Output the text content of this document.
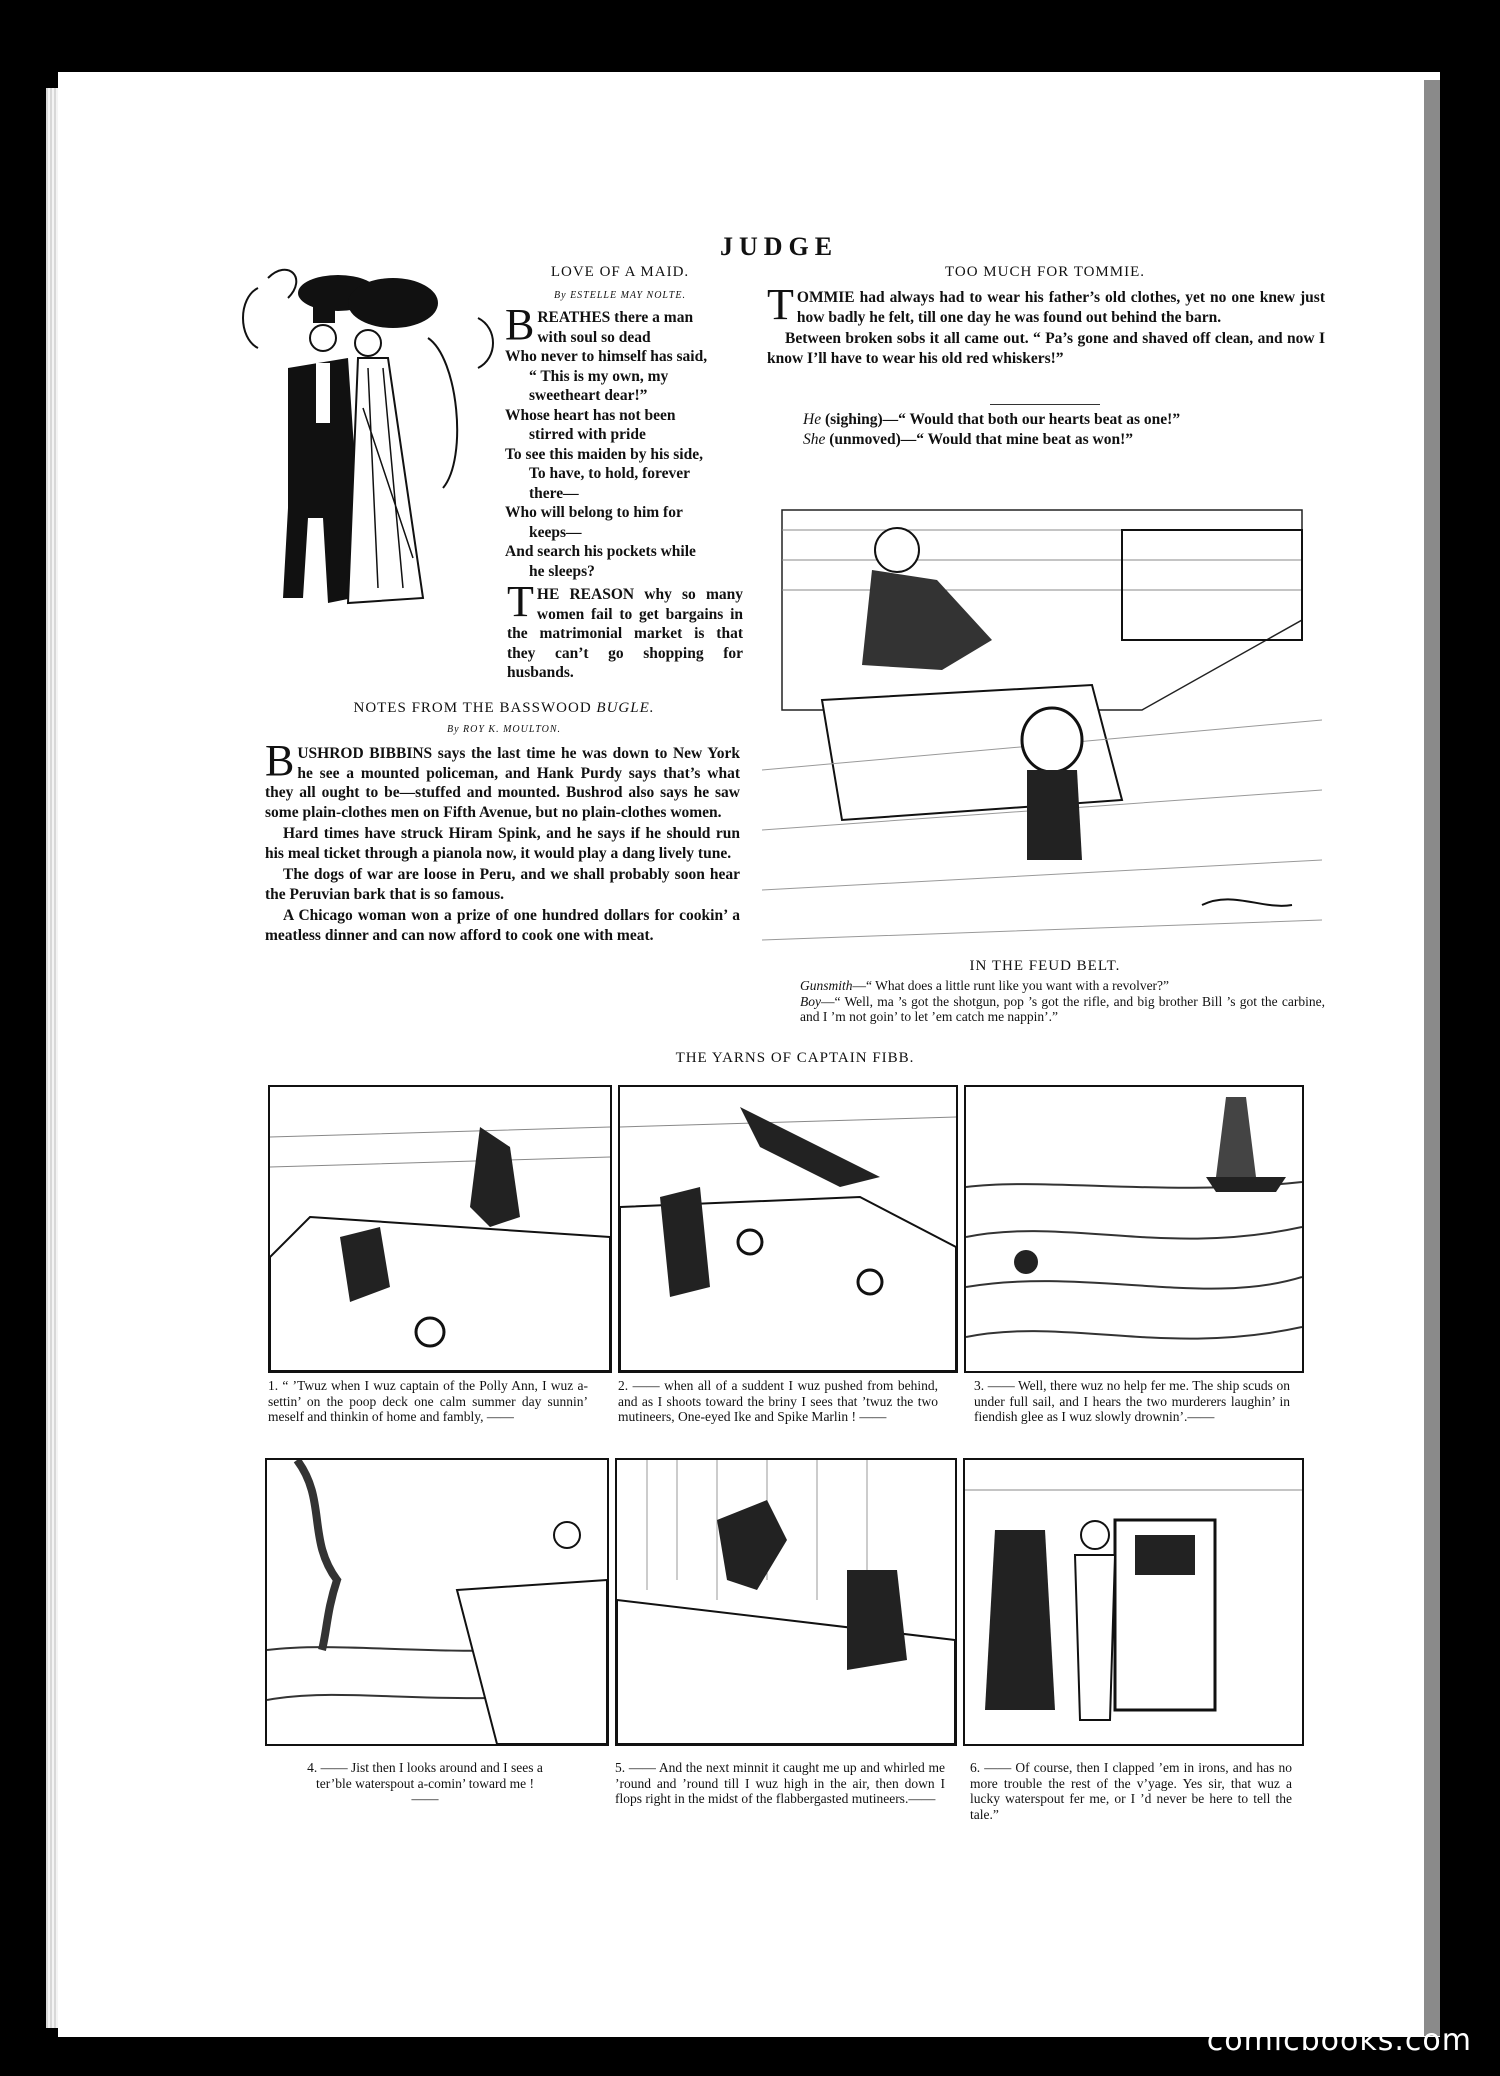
JUDGE
LOVE OF A MAID.
By ESTELLE MAY NOLTE.
B REATHES there a man
with soul so dead
Who never to himself has said,
“ This is my own, my
sweetheart dear!”
Whose heart has not been
stirred with pride
To see this maiden by his side,
To have, to hold, forever
there—
Who will belong to him for
keeps—
And search his pockets while
he sleeps?

THE REASON why so many women fail to get bargains in the matrimonial market is that they can’t go shopping for husbands.

NOTES FROM THE BASSWOOD BUGLE.
By ROY K. MOULTON.

BUSHROD BIBBINS says the last time he was down to New York he see a mounted policeman, and Hank Purdy says that’s what they all ought to be—stuffed and mounted. Bushrod also says he saw some plain-clothes men on Fifth Avenue, but no plain-clothes women.

Hard times have struck Hiram Spink, and he says if he should run his meal ticket through a pianola now, it would play a dang lively tune.

The dogs of war are loose in Peru, and we shall probably soon hear the Peruvian bark that is so famous.

A Chicago woman won a prize of one hundred dollars for cookin’ a meatless dinner and can now afford to cook one with meat.

TOO MUCH FOR TOMMIE.

TOMMIE had always had to wear his father’s old clothes, yet no one knew just how badly he felt, till one day he was found out behind the barn.

Between broken sobs it all came out. “ Pa’s gone and shaved off clean, and now I know I’ll have to wear his old red whiskers!”

He (sighing)—“ Would that both our hearts beat as one!”
She (unmoved)—“ Would that mine beat as won!”
IN THE FEUD BELT.
Gunsmith—“ What does a little runt like you want with a revolver?”
Boy—“ Well, ma ’s got the shotgun, pop ’s got the rifle, and big brother Bill ’s got the carbine, and I ’m not goin’ to let ’em catch me nappin’.”
THE YARNS OF CAPTAIN FIBB.
1. “ ’Twuz when I wuz captain of the Polly Ann, I wuz a-settin’ on the poop deck one calm summer day sunnin’ meself and thinkin of home and fambly, ——
2. —— when all of a suddent I wuz pushed from behind, and as I shoots toward the briny I sees that ’twuz the two mutineers, One-eyed Ike and Spike Marlin ! ——
3. —— Well, there wuz no help fer me. The ship scuds on under full sail, and I hears the two murderers laughin’ in fiendish glee as I wuz slowly drownin’.——
4. —— Jist then I looks around and I sees a ter’ble waterspout a-comin’ toward me ! ——
5. —— And the next minnit it caught me up and whirled me ’round and ’round till I wuz high in the air, then down I flops right in the midst of the flabbergasted mutineers.——
6. —— Of course, then I clapped ’em in irons, and has no more trouble the rest of the v’yage. Yes sir, that wuz a lucky waterspout fer me, or I ’d never be here to tell the tale.”
comicbooks.com
